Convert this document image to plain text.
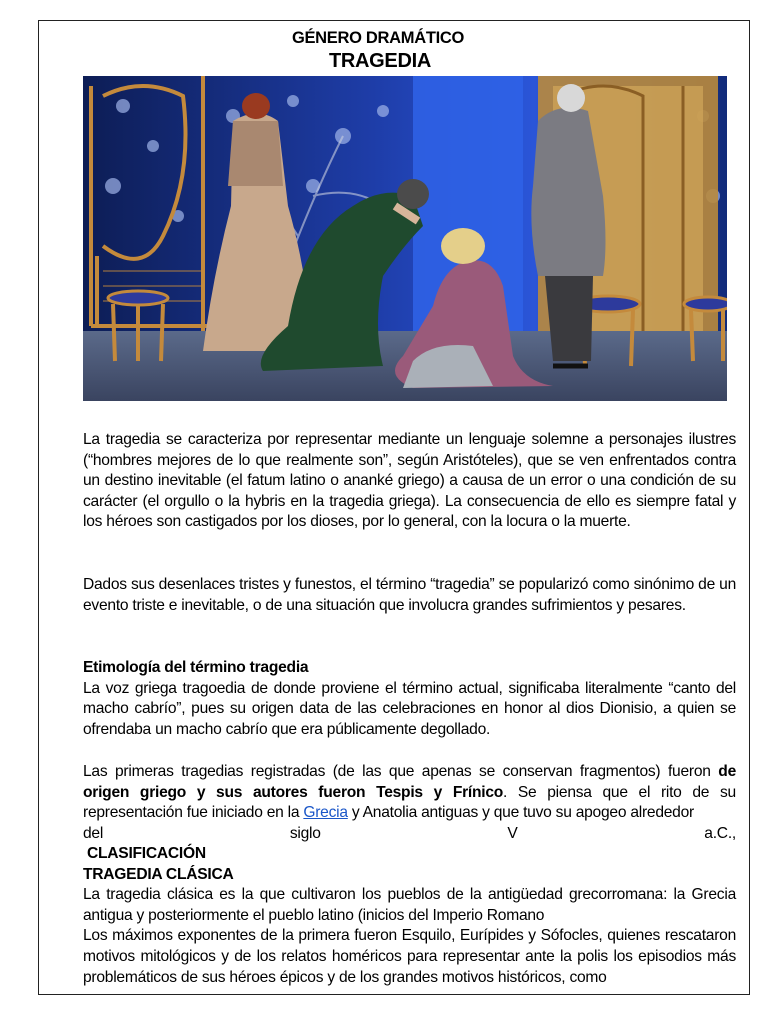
GÉNERO DRAMÁTICO
TRAGEDIA

La tragedia se caracteriza por representar mediante un lenguaje solemne a personajes ilustres (“hombres mejores de lo que realmente son”, según Aristóteles), que se ven enfrentados contra un destino inevitable (el fatum latino o ananké griego) a causa de un error o una condición de su carácter (el orgullo o la hybris en la tragedia griega). La consecuencia de ello es siempre fatal y los héroes son castigados por los dioses, por lo general, con la locura o la muerte.

Dados sus desenlaces tristes y funestos, el término “tragedia” se popularizó como sinónimo de un evento triste e inevitable, o de una situación que involucra grandes sufrimientos y pesares.

Etimología del término tragedia

La voz griega tragoedia de donde proviene el término actual, significaba literalmente “canto del macho cabrío”, pues su origen data de las celebraciones en honor al dios Dionisio, a quien se ofrendaba un macho cabrío que era públicamente degollado.

Las primeras tragedias registradas (de las que apenas se conservan fragmentos) fueron de origen griego y sus autores fueron Tespis y Frínico. Se piensa que el rito de su representación fue iniciado en la Grecia y Anatolia antiguas y que tuvo su apogeo alrededor

del	siglo	V	a.C.,

CLASIFICACIÓN

TRAGEDIA CLÁSICA

La tragedia clásica es la que cultivaron los pueblos de la antigüedad grecorromana: la Grecia antigua y posteriormente el pueblo latino (inicios del Imperio Romano

Los máximos exponentes de la primera fueron Esquilo, Eurípides y Sófocles, quienes rescataron motivos mitológicos y de los relatos homéricos para representar ante la polis los episodios más problemáticos de sus héroes épicos y de los grandes motivos históricos, como
